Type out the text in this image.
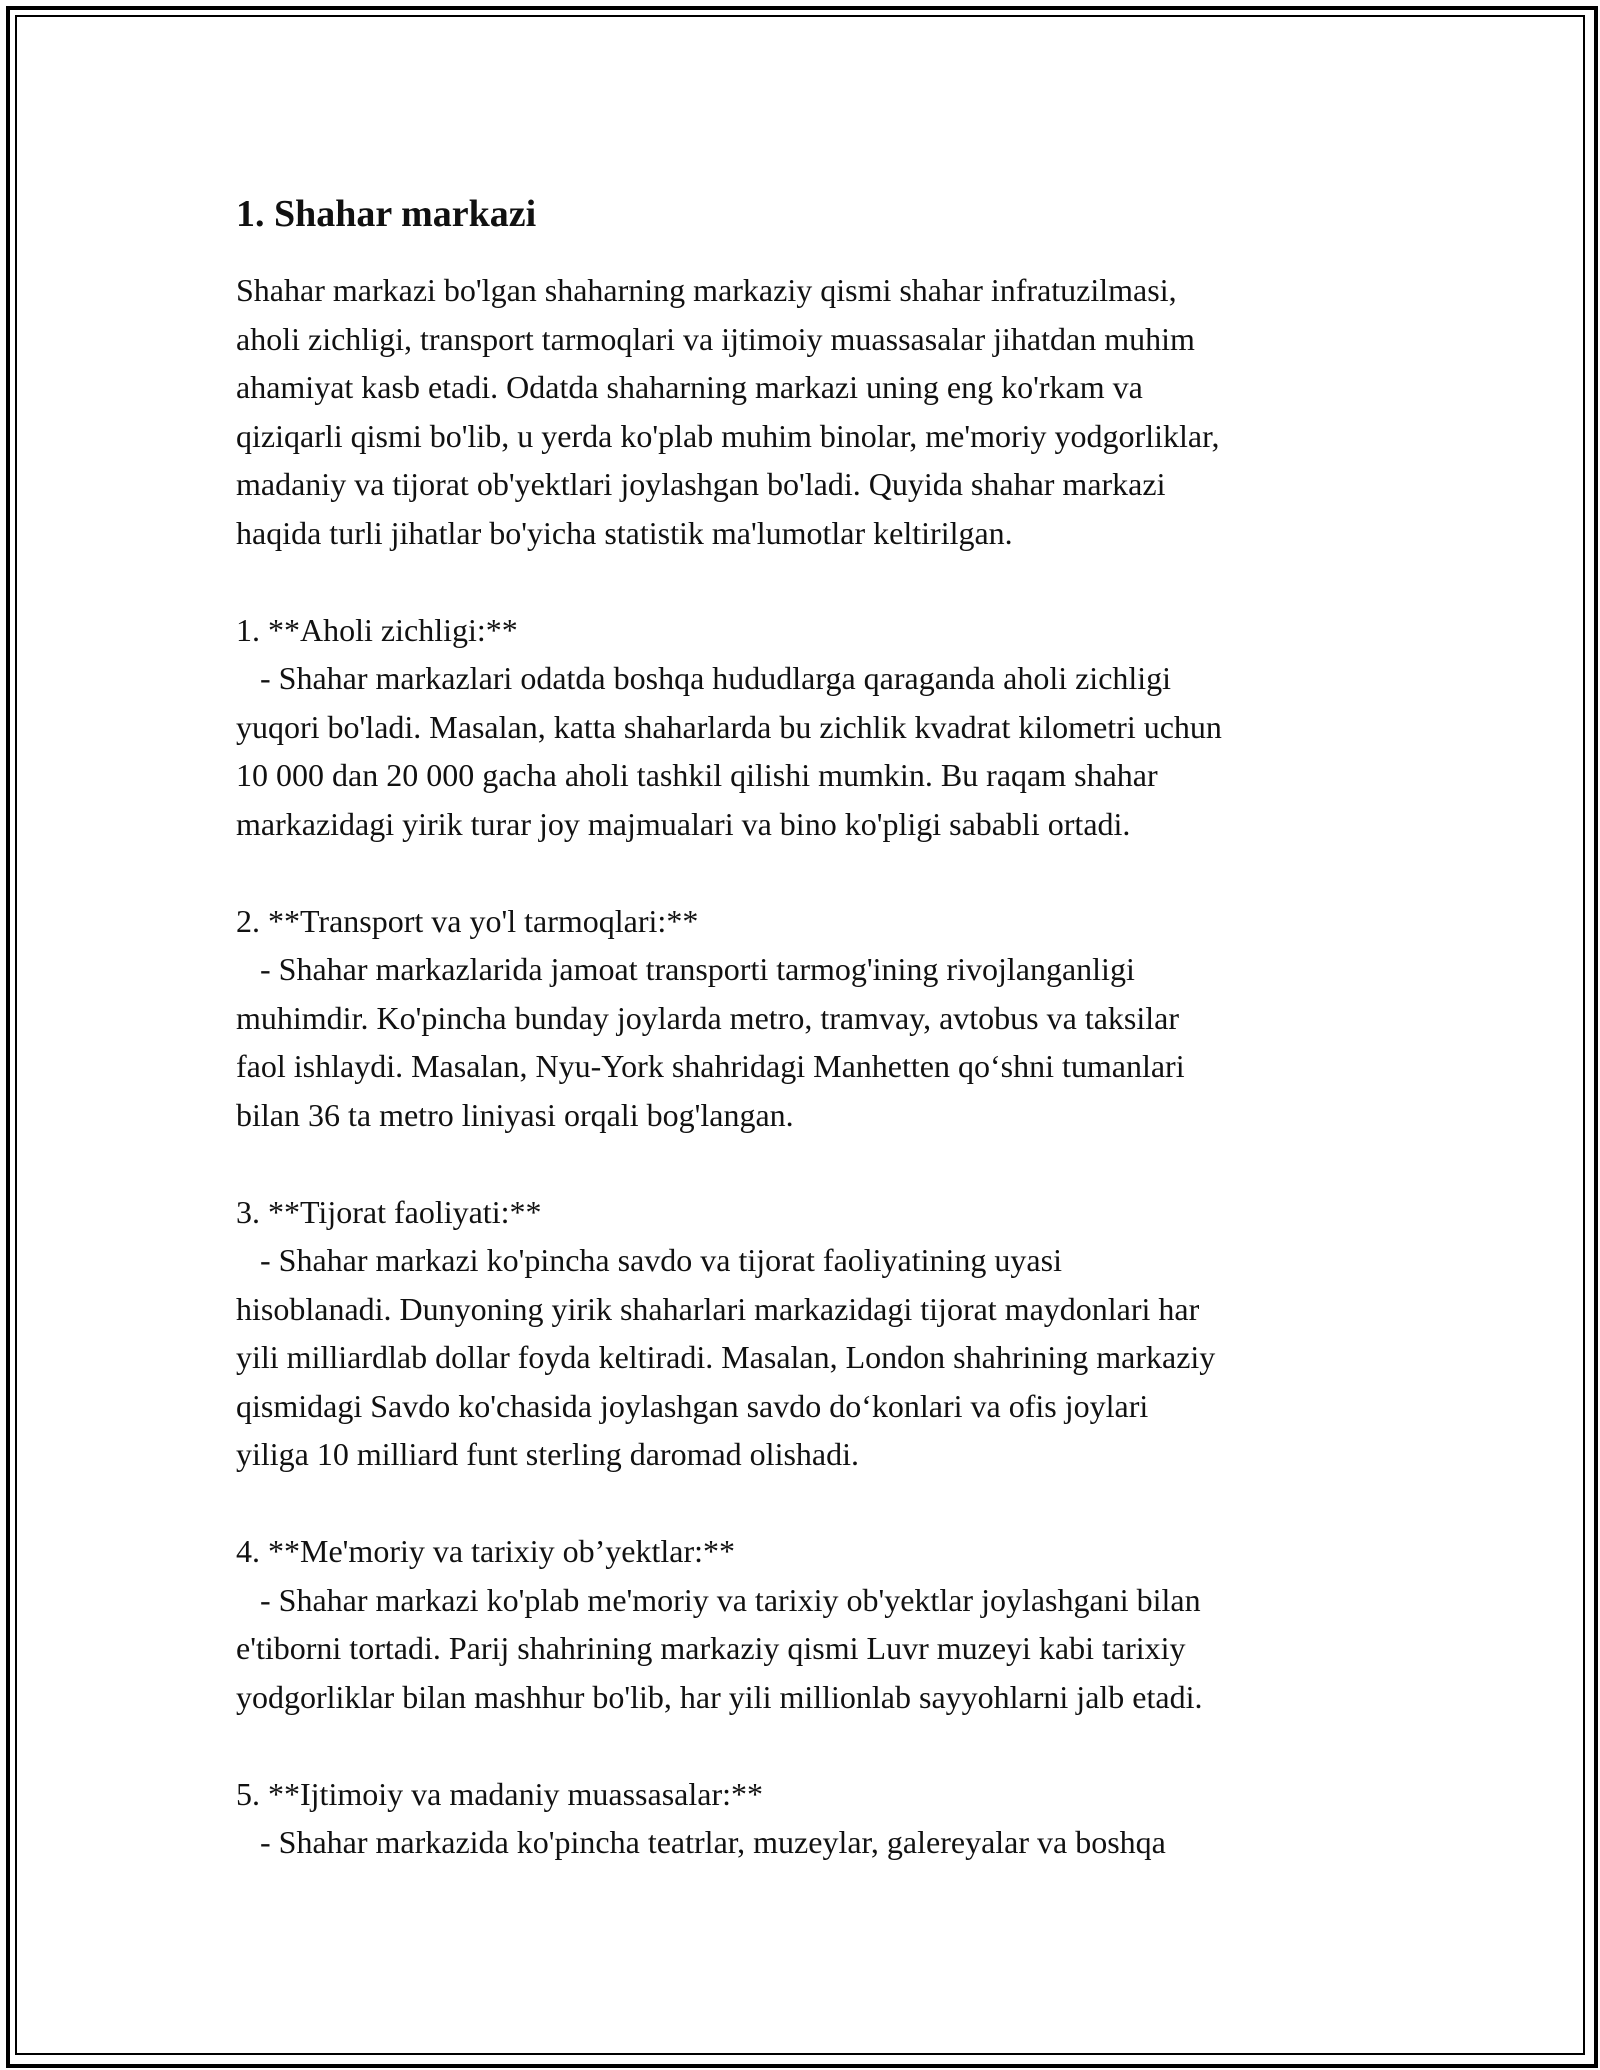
1. Shahar markazi

Shahar markazi bo'lgan shaharning markaziy qismi shahar infratuzilmasi,
aholi zichligi, transport tarmoqlari va ijtimoiy muassasalar jihatdan muhim
ahamiyat kasb etadi. Odatda shaharning markazi uning eng ko'rkam va
qiziqarli qismi bo'lib, u yerda ko'plab muhim binolar, me'moriy yodgorliklar,
madaniy va tijorat ob'yektlari joylashgan bo'ladi. Quyida shahar markazi
haqida turli jihatlar bo'yicha statistik ma'lumotlar keltirilgan.

1. **Aholi zichligi:**

- Shahar markazlari odatda boshqa hududlarga qaraganda aholi zichligi
yuqori bo'ladi. Masalan, katta shaharlarda bu zichlik kvadrat kilometri uchun
10 000 dan 20 000 gacha aholi tashkil qilishi mumkin. Bu raqam shahar
markazidagi yirik turar joy majmualari va bino ko'pligi sababli ortadi.

2. **Transport va yo'l tarmoqlari:**

- Shahar markazlarida jamoat transporti tarmog'ining rivojlanganligi
muhimdir. Ko'pincha bunday joylarda metro, tramvay, avtobus va taksilar
faol ishlaydi. Masalan, Nyu-York shahridagi Manhetten qo‘shni tumanlari
bilan 36 ta metro liniyasi orqali bog'langan.

3. **Tijorat faoliyati:**

- Shahar markazi ko'pincha savdo va tijorat faoliyatining uyasi
hisoblanadi. Dunyoning yirik shaharlari markazidagi tijorat maydonlari har
yili milliardlab dollar foyda keltiradi. Masalan, London shahrining markaziy
qismidagi Savdo ko'chasida joylashgan savdo do‘konlari va ofis joylari
yiliga 10 milliard funt sterling daromad olishadi.

4. **Me'moriy va tarixiy ob’yektlar:**

- Shahar markazi ko'plab me'moriy va tarixiy ob'yektlar joylashgani bilan
e'tiborni tortadi. Parij shahrining markaziy qismi Luvr muzeyi kabi tarixiy
yodgorliklar bilan mashhur bo'lib, har yili millionlab sayyohlarni jalb etadi.

5. **Ijtimoiy va madaniy muassasalar:**

- Shahar markazida ko'pincha teatrlar, muzeylar, galereyalar va boshqa
